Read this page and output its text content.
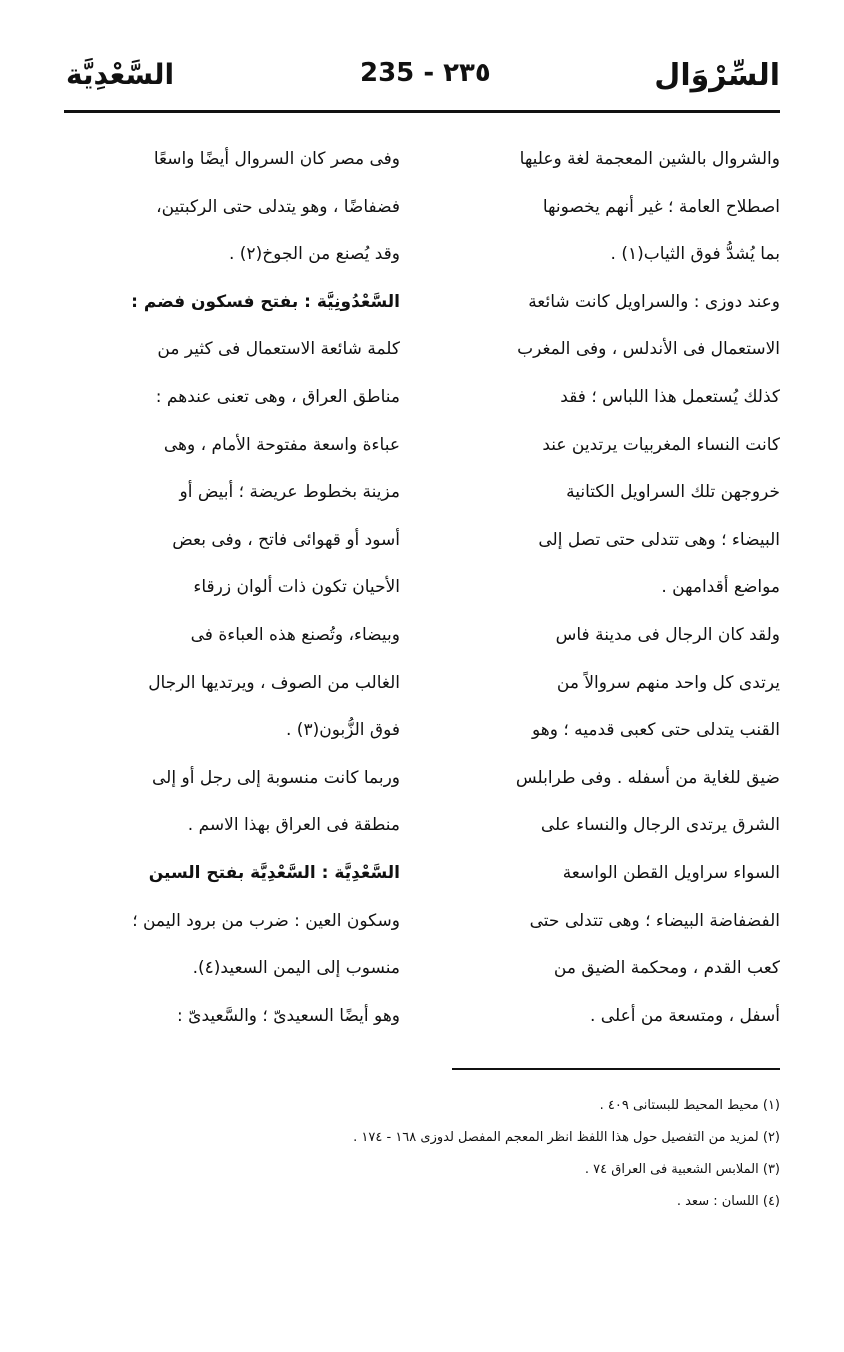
السِّرْوَال
235 - ٢٣٥
السَّعْدِيَّة
والشروال بالشين المعجمة لغة وعليها
اصطلاح العامة ؛ غير أنهم يخصونها
بما يُشدُّ فوق الثياب(١) .
وعند دوزى : والسراويل كانت شائعة
الاستعمال فى الأندلس ، وفى المغرب
كذلك يُستعمل هذا اللباس ؛ فقد
كانت النساء المغربيات يرتدين عند
خروجهن تلك السراويل الكتانية
البيضاء ؛ وهى تتدلى حتى تصل إلى
مواضع أقدامهن .
ولقد كان الرجال فى مدينة فاس
يرتدى كل واحد منهم سروالاً من
القنب يتدلى حتى كعبى قدميه ؛ وهو
ضيق للغاية من أسفله . وفى طرابلس
الشرق يرتدى الرجال والنساء على
السواء سراويل القطن الواسعة
الفضفاضة البيضاء ؛ وهى تتدلى حتى
كعب القدم ، ومحكمة الضيق من
أسفل ، ومتسعة من أعلى .
وفى مصر كان السروال أيضًا واسعًا
فضفاضًا ، وهو يتدلى حتى الركبتين،
وقد يُصنع من الجوخ(٢) .
السَّعْدُونِيَّة : بفتح فسكون فضم :
كلمة شائعة الاستعمال فى كثير من
مناطق العراق ، وهى تعنى عندهم :
عباءة واسعة مفتوحة الأمام ، وهى
مزينة بخطوط عريضة ؛ أبيض أو
أسود أو قهوائى فاتح ، وفى بعض
الأحيان تكون ذات ألوان زرقاء
وبيضاء، وتُصنع هذه العباءة فى
الغالب من الصوف ، ويرتديها الرجال
فوق الزُّبون(٣) .
وربما كانت منسوبة إلى رجل أو إلى
منطقة فى العراق بهذا الاسم .
السَّعْدِيَّة : السَّعْدِيَّة بفتح السين
وسكون العين : ضرب من برود اليمن ؛
منسوب إلى اليمن السعيد(٤).
وهو أيضًا السعيدىّ ؛ والسَّعيدىّ :
(١) محيط المحيط للبستانى ٤٠٩ .
(٢) لمزيد من التفصيل حول هذا اللفظ انظر المعجم المفصل لدوزى ١٦٨ - ١٧٤ .
(٣) الملابس الشعبية فى العراق ٧٤ .
(٤) اللسان : سعد .
